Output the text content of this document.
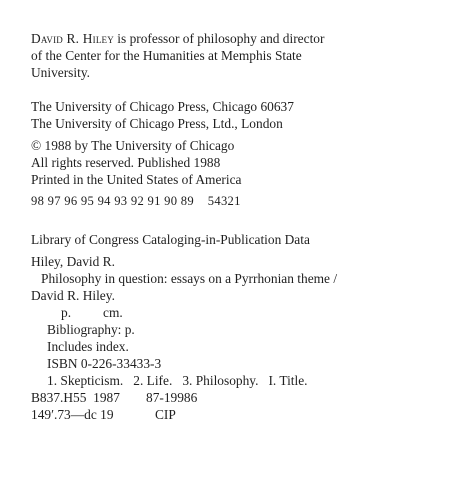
David R. Hiley is professor of philosophy and director
of the Center for the Humanities at Memphis State
University.

The University of Chicago Press, Chicago 60637
The University of Chicago Press, Ltd., London

© 1988 by The University of Chicago
All rights reserved. Published 1988
Printed in the United States of America

98 97 96 95 94 93 92 91 90 89    54321

Library of Congress Cataloging-in-Publication Data

Hiley, David R.
Philosophy in question: essays on a Pyrrhonian theme /
David R. Hiley.
p. cm.
Bibliography: p.
Includes index.
ISBN 0-226-33433-3
1. Skepticism. 2. Life. 3. Philosophy. I. Title.
B837.H55 1987	87-19986
149′.73—dc 19	CIP
